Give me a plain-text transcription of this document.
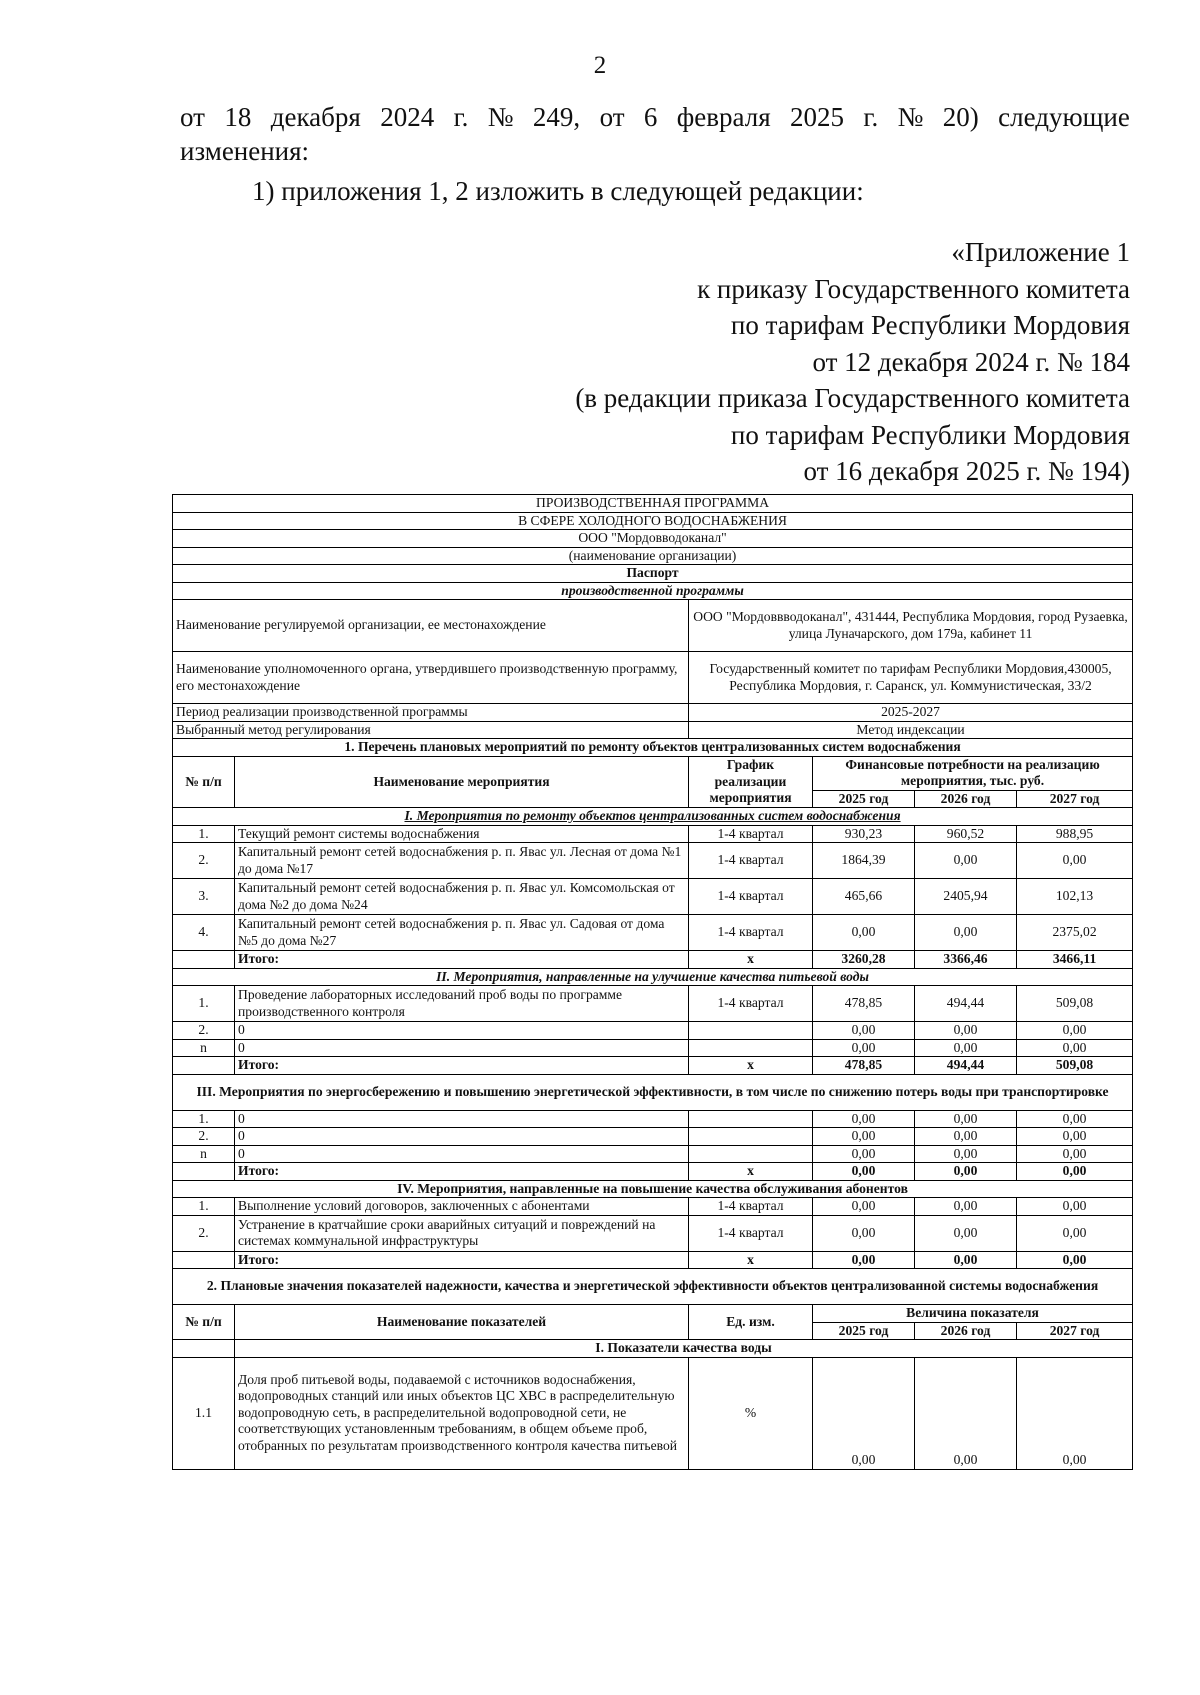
2
от 18 декабря 2024 г. № 249, от 6 февраля 2025 г. № 20) следующие
изменения:
1) приложения 1, 2 изложить в следующей редакции:
«Приложение 1
к приказу Государственного комитета
по тарифам Республики Мордовия
от 12 декабря 2024 г. № 184
(в редакции приказа Государственного комитета
по тарифам Республики Мордовия
от 16 декабря 2025 г. № 194)
ПРОИЗВОДСТВЕННАЯ ПРОГРАММА					
В СФЕРЕ ХОЛОДНОГО ВОДОСНАБЖЕНИЯ					
ООО "Мордовводоканал"					
(наименование организации)					
Паспорт					
производственной программы					
Наименование регулируемой организации, ее местонахождение		ООО "Мордоввводоканал", 431444, Республика Мордовия, город Рузаевка, улица Луначарского, дом 179а, кабинет 11			
Наименование уполномоченного органа, утвердившего производственную программу, его местонахождение		Государственный комитет по тарифам Республики Мордовия,430005, Республика Мордовия, г. Саранск, ул. Коммунистическая, 33/2			
Период реализации производственной программы		2025-2027			
Выбранный метод регулирования		Метод индексации			
1. Перечень плановых мероприятий по ремонту объектов централизованных систем водоснабжения					
№ п/п	Наименование мероприятия	График реализации мероприятия	Финансовые потребности на реализацию мероприятия, тыс. руб.		
			2025 год	2026 год	2027 год
I. Мероприятия по ремонту объектов централизованных систем водоснабжения					
1.	Текущий ремонт системы водоснабжения	1-4 квартал	930,23	960,52	988,95
2.	Капитальный ремонт сетей водоснабжения р. п. Явас ул. Лесная от дома №1 до дома №17	1-4 квартал	1864,39	0,00	0,00
3.	Капитальный ремонт сетей водоснабжения р. п. Явас ул. Комсомольская от дома №2 до дома №24	1-4 квартал	465,66	2405,94	102,13
4.	Капитальный ремонт сетей водоснабжения р. п. Явас ул. Садовая от дома №5 до дома №27	1-4 квартал	0,00	0,00	2375,02
	Итого:	х	3260,28	3366,46	3466,11
II. Мероприятия, направленные на улучшение качества питьевой воды					
1.	Проведение лабораторных исследований проб воды по программе производственного контроля	1-4 квартал	478,85	494,44	509,08
2.	0		0,00	0,00	0,00
n	0		0,00	0,00	0,00
	Итого:	х	478,85	494,44	509,08
III. Мероприятия по энергосбережению и повышению энергетической эффективности, в том числе по снижению потерь воды при транспортировке					
1.	0		0,00	0,00	0,00
2.	0		0,00	0,00	0,00
n	0		0,00	0,00	0,00
	Итого:	х	0,00	0,00	0,00
IV. Мероприятия, направленные на повышение качества обслуживания абонентов					
1.	Выполнение условий договоров, заключенных с абонентами	1-4 квартал	0,00	0,00	0,00
2.	Устранение в кратчайшие сроки аварийных ситуаций и повреждений на системах коммунальной инфраструктуры	1-4 квартал	0,00	0,00	0,00
	Итого:	х	0,00	0,00	0,00
2. Плановые значения показателей надежности, качества и энергетической эффективности объектов централизованной системы водоснабжения					
№ п/п	Наименование показателей	Ед. изм.	Величина показателя		
			2025 год	2026 год	2027 год
	I. Показатели качества воды				
1.1	Доля проб питьевой воды, подаваемой с источников водоснабжения, водопроводных станций или иных объектов ЦС ХВС в распределительную водопроводную сеть, в распределительной водопроводной сети, не соответствующих установленным требованиям, в общем объеме проб, отобранных по результатам производственного контроля качества питьевой	%	0,00	0,00	0,00
